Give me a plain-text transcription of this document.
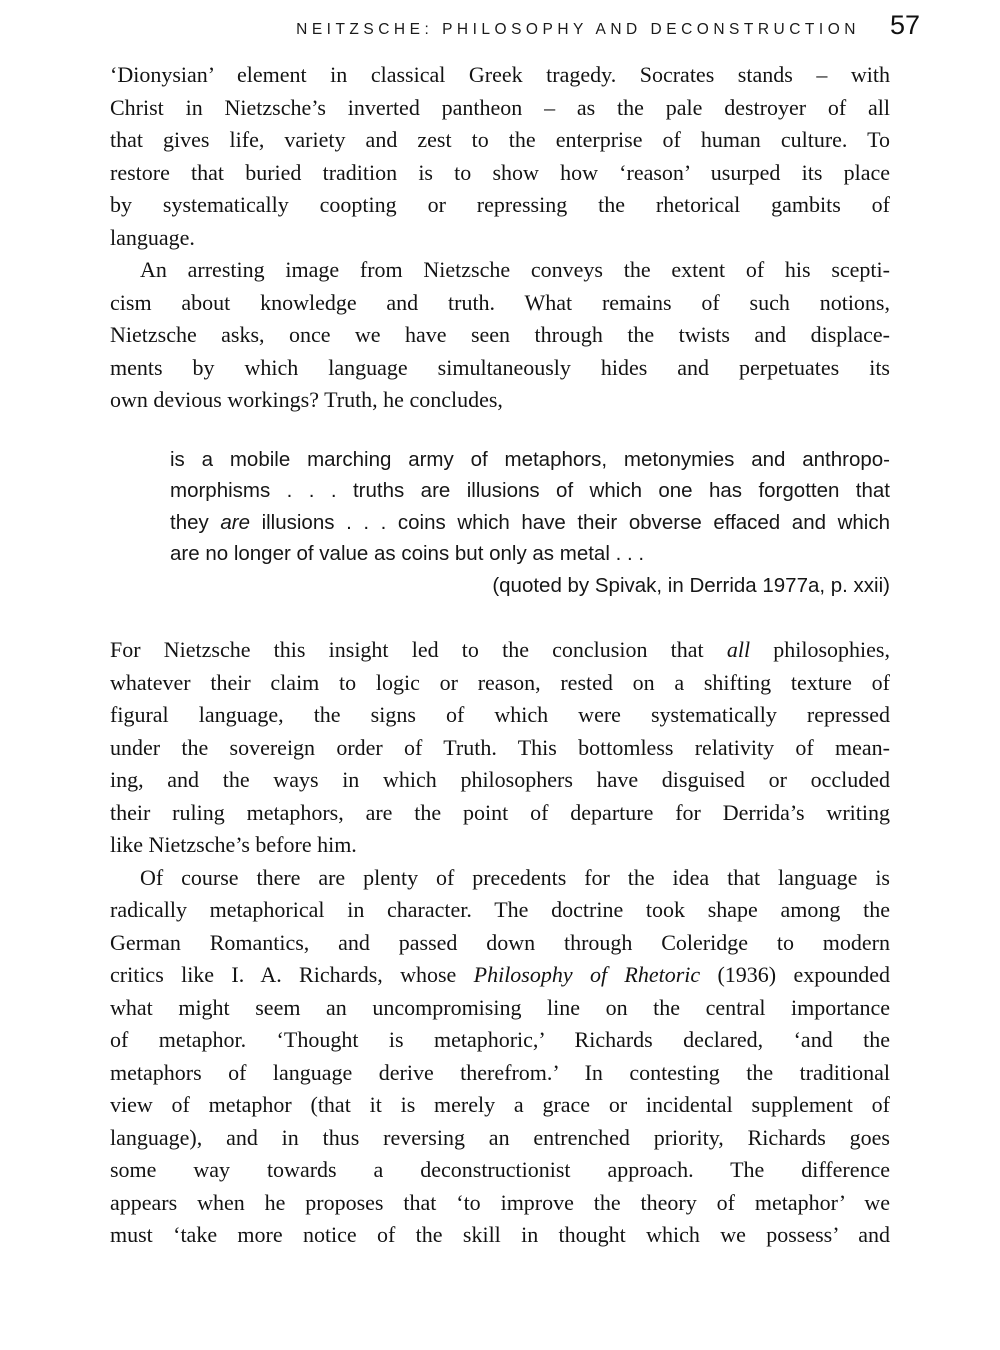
NEITZSCHE: PHILOSOPHY AND DECONSTRUCTION 57
‘Dionysian’ element in classical Greek tragedy. Socrates stands – with
Christ in Nietzsche’s inverted pantheon – as the pale destroyer of all
that gives life, variety and zest to the enterprise of human culture. To
restore that buried tradition is to show how ‘reason’ usurped its place
by systematically coopting or repressing the rhetorical gambits of
language.
An arresting image from Nietzsche conveys the extent of his scepti-
cism about knowledge and truth. What remains of such notions,
Nietzsche asks, once we have seen through the twists and displace-
ments by which language simultaneously hides and perpetuates its
own devious workings? Truth, he concludes,
is a mobile marching army of metaphors, metonymies and anthropo-
morphisms . . . truths are illusions of which one has forgotten that
they are illusions . . . coins which have their obverse effaced and which
are no longer of value as coins but only as metal . . .
(quoted by Spivak, in Derrida 1977a, p. xxii)
For Nietzsche this insight led to the conclusion that all philosophies,
whatever their claim to logic or reason, rested on a shifting texture of
figural language, the signs of which were systematically repressed
under the sovereign order of Truth. This bottomless relativity of mean-
ing, and the ways in which philosophers have disguised or occluded
their ruling metaphors, are the point of departure for Derrida’s writing
like Nietzsche’s before him.
Of course there are plenty of precedents for the idea that language is
radically metaphorical in character. The doctrine took shape among the
German Romantics, and passed down through Coleridge to modern
critics like I. A. Richards, whose Philosophy of Rhetoric (1936) expounded
what might seem an uncompromising line on the central importance
of metaphor. ‘Thought is metaphoric,’ Richards declared, ‘and the
metaphors of language derive therefrom.’ In contesting the traditional
view of metaphor (that it is merely a grace or incidental supplement of
language), and in thus reversing an entrenched priority, Richards goes
some way towards a deconstructionist approach. The difference
appears when he proposes that ‘to improve the theory of metaphor’ we
must ‘take more notice of the skill in thought which we possess’ and
